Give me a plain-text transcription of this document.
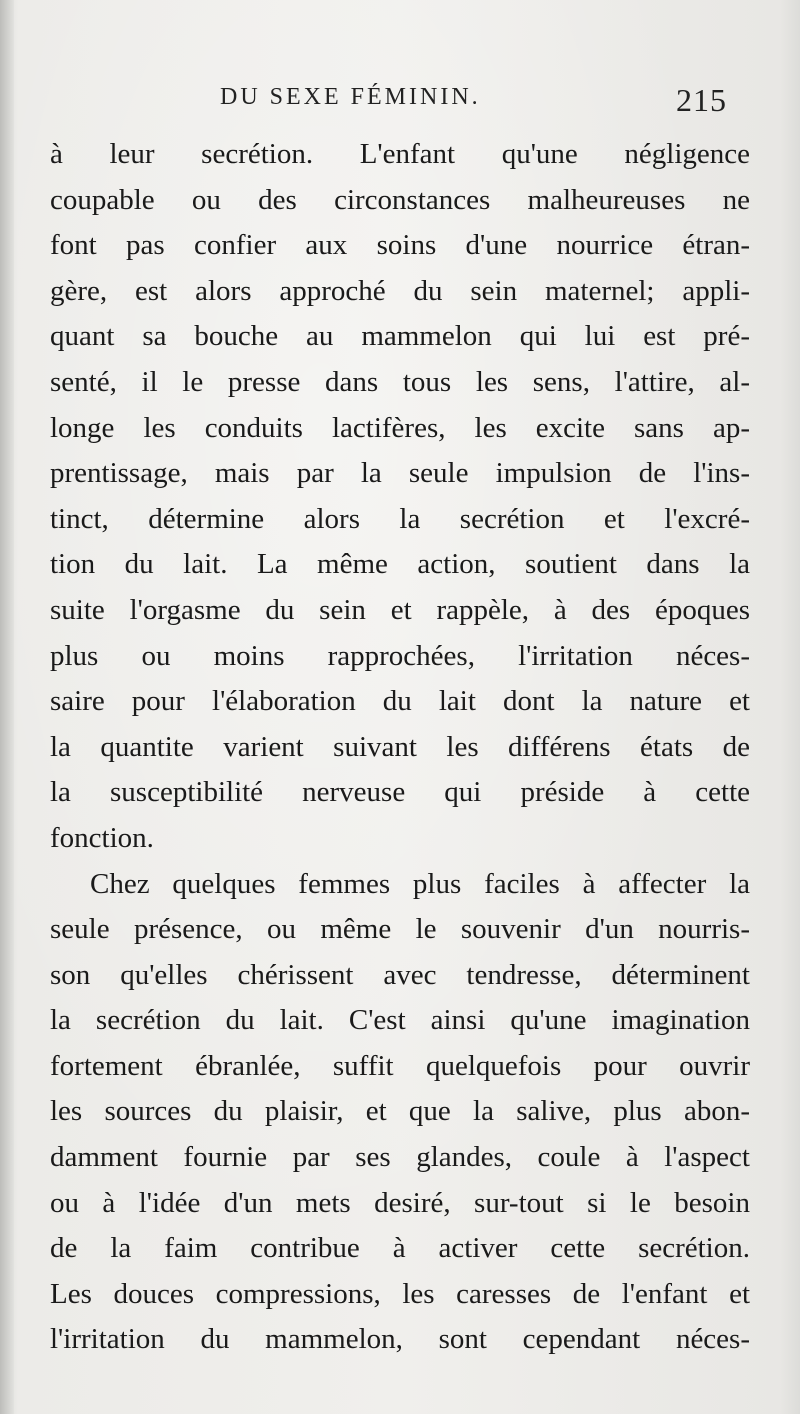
DU SEXE FÉMININ.	215
à leur secrétion. L'enfant qu'une négligence
coupable ou des circonstances malheureuses ne
font pas confier aux soins d'une nourrice étran-
gère, est alors approché du sein maternel; appli-
quant sa bouche au mammelon qui lui est pré-
senté, il le presse dans tous les sens, l'attire, al-
longe les conduits lactifères, les excite sans ap-
prentissage, mais par la seule impulsion de l'ins-
tinct, détermine alors la secrétion et l'excré-
tion du lait. La même action, soutient dans la
suite l'orgasme du sein et rappèle, à des époques
plus ou moins rapprochées, l'irritation néces-
saire pour l'élaboration du lait dont la nature et
la quantite varient suivant les différens états de
la susceptibilité nerveuse qui préside à cette
fonction.
Chez quelques femmes plus faciles à affecter la
seule présence, ou même le souvenir d'un nourris-
son qu'elles chérissent avec tendresse, déterminent
la secrétion du lait. C'est ainsi qu'une imagination
fortement ébranlée, suffit quelquefois pour ouvrir
les sources du plaisir, et que la salive, plus abon-
damment fournie par ses glandes, coule à l'aspect
ou à l'idée d'un mets desiré, sur-tout si le besoin
de la faim contribue à activer cette secrétion.
Les douces compressions, les caresses de l'enfant et
l'irritation du mammelon, sont cependant néces-
